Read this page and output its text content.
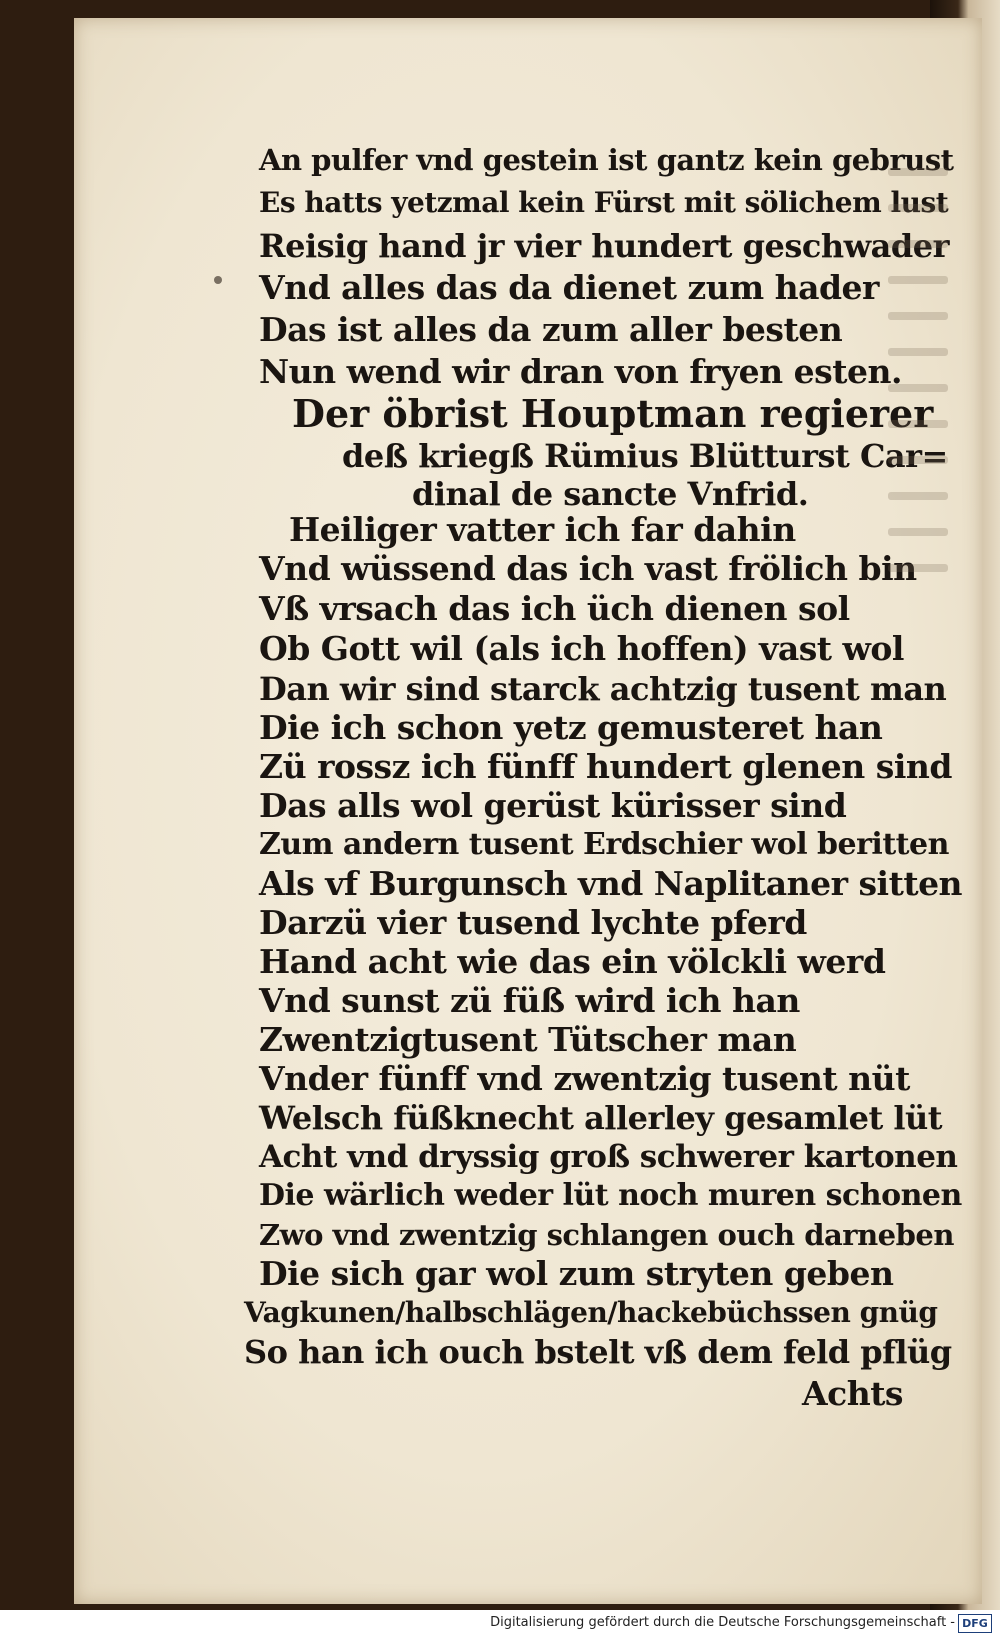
An pulfer vnd gestein ist gantz kein gebrust
Es hatts yetzmal kein Fürst mit sölichem lust
Reisig hand jr vier hundert geschwader
Vnd alles das da dienet zum hader
Das ist alles da zum aller besten
Nun wend wir dran von fryen esten.
Der öbrist Houptman regierer
deß kriegß Rümius Blütturst Car=
dinal de sancte Vnfrid.
Heiliger vatter ich far dahin
Vnd wüssend das ich vast frölich bin
Vß vrsach das ich üch dienen sol
Ob Gott wil (als ich hoffen) vast wol
Dan wir sind starck achtzig tusent man
Die ich schon yetz gemusteret han
Zü rossz ich fünff hundert glenen sind
Das alls wol gerüst kürisser sind
Zum andern tusent Erdschier wol beritten
Als vf Burgunsch vnd Naplitaner sitten
Darzü vier tusend lychte pferd
Hand acht wie das ein völckli werd
Vnd sunst zü füß wird ich han
Zwentzigtusent Tütscher man
Vnder fünff vnd zwentzig tusent nüt
Welsch füßknecht allerley gesamlet lüt
Acht vnd dryssig groß schwerer kartonen
Die wärlich weder lüt noch muren schonen
Zwo vnd zwentzig schlangen ouch darneben
Die sich gar wol zum stryten geben
Vagkunen/halbschlägen/hackebüchssen gnüg
So han ich ouch bstelt vß dem feld pflüg
Achts
Digitalisierung gefördert durch die Deutsche Forschungsgemeinschaft - DFG
